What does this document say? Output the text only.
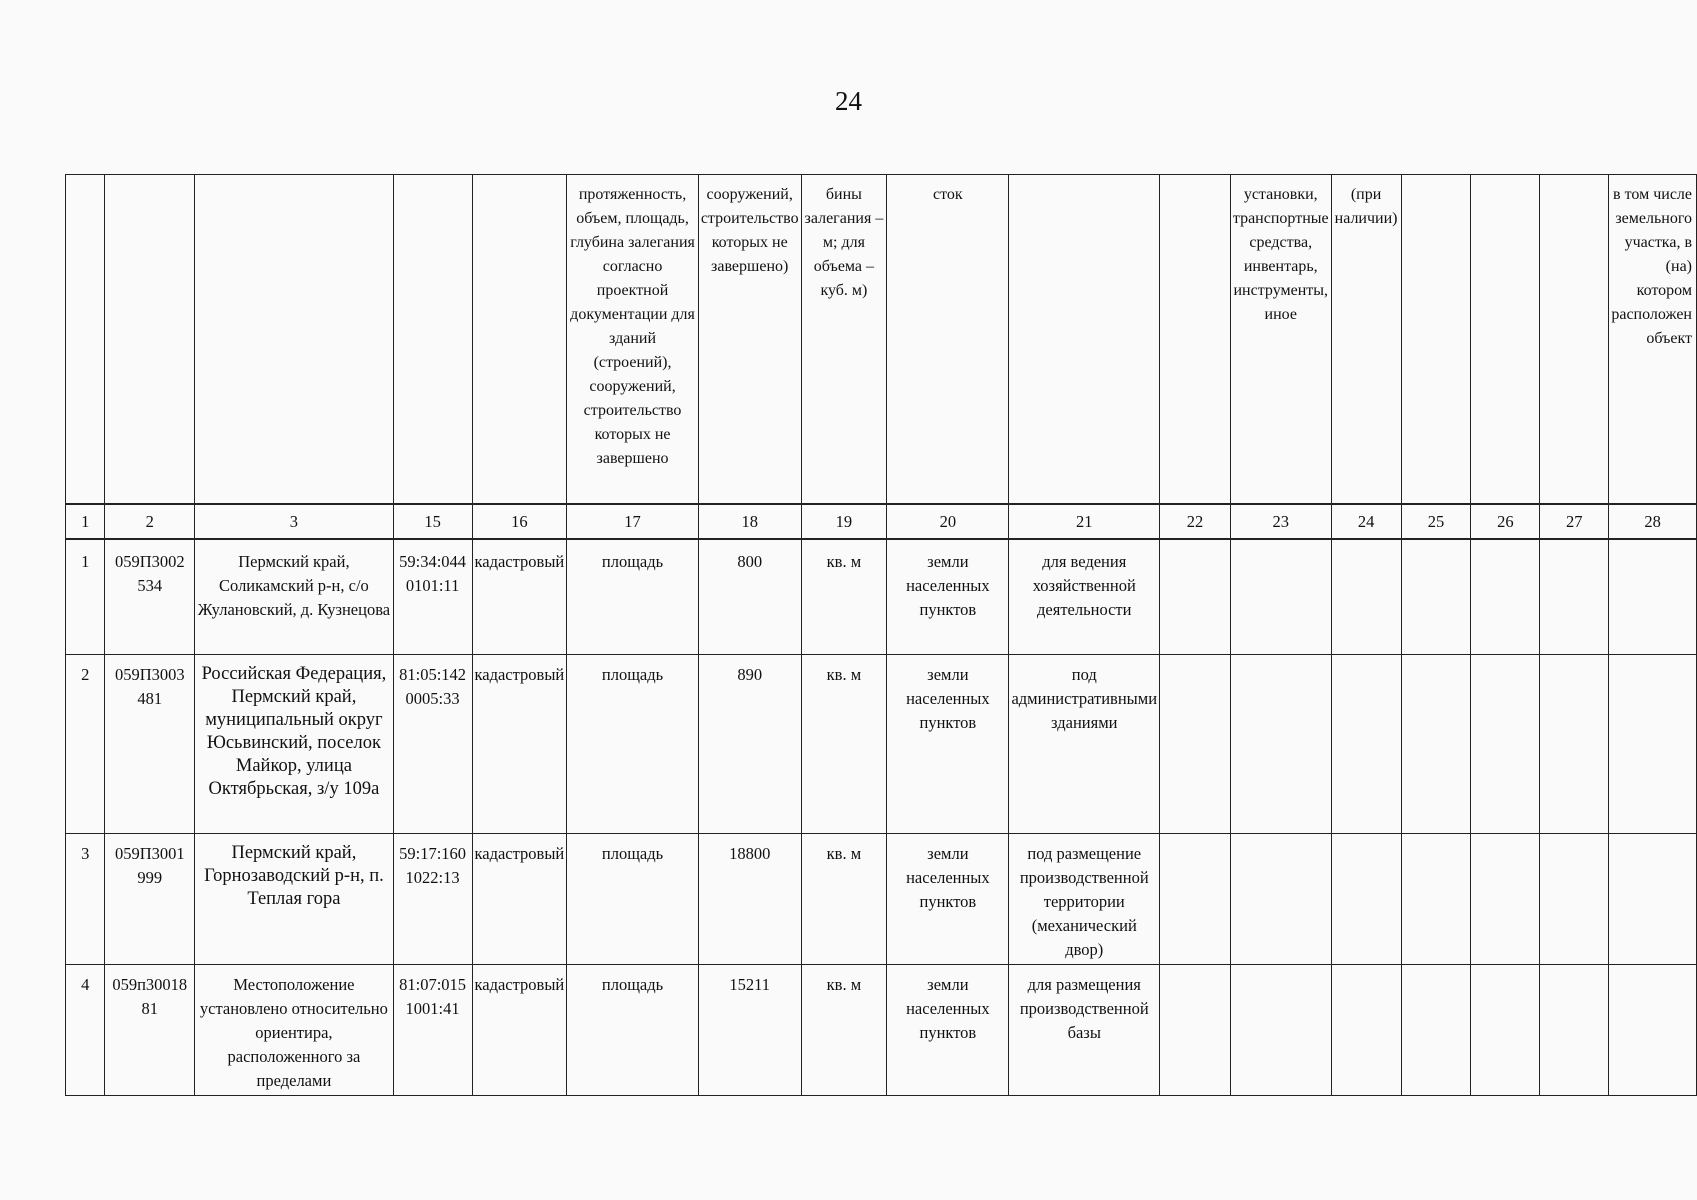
24
					протяженность, объем, площадь, глубина залегания согласно проектной документации для зданий (строений), сооружений, строительство которых не завершено	сооружений, строительство которых не завершено)	бины залегания – м; для объема – куб. м)	сток			установки, транспортные средства, инвентарь, инструменты, иное	(при наличии)				в том числе земельного участка, в (на) котором расположен объект
1	2	3	15	16	17	18	19	20	21	22	23	24	25	26	27	28
1	059П3002 534	Пермский край, Соликамский р-н, с/о Жулановский, д. Кузнецова	59:34:044 0101:11	кадастровый	площадь	800	кв. м	земли населенных пунктов	для ведения хозяйственной деятельности							
2	059П3003 481	Российская Федерация, Пермский край, муниципальный округ Юсьвинский, поселок Майкор, улица Октябрьская, з/у 109а	81:05:142 0005:33	кадастровый	площадь	890	кв. м	земли населенных пунктов	под административными зданиями							
3	059П3001 999	Пермский край, Горнозаводский р-н, п. Теплая гора	59:17:160 1022:13	кадастровый	площадь	18800	кв. м	земли населенных пунктов	под размещение производственной территории (механический двор)							
4	059п30018 81	Местоположение установлено относительно ориентира, расположенного за пределами	81:07:015 1001:41	кадастровый	площадь	15211	кв. м	земли населенных пунктов	для размещения производственной базы							
